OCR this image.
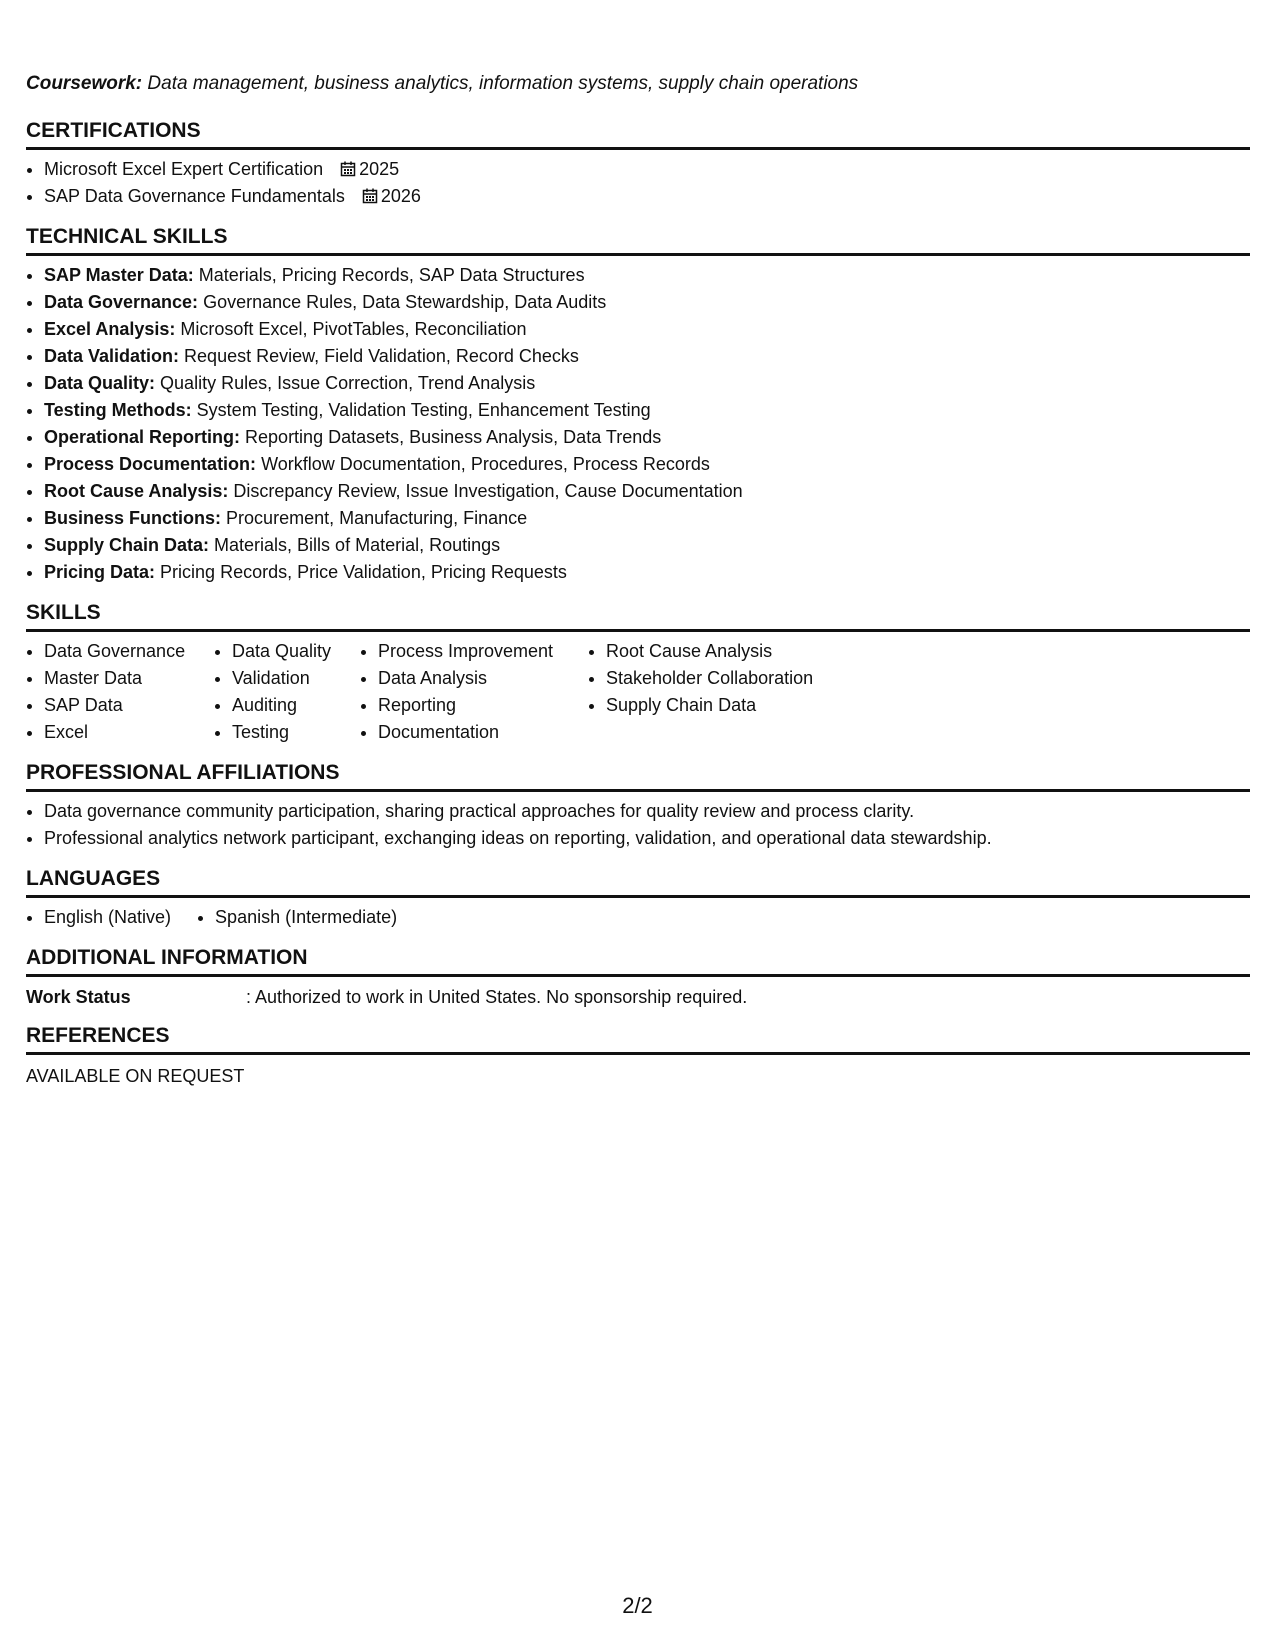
Coursework: Data management, business analytics, information systems, supply chain operations

CERTIFICATIONS
• Microsoft Excel Expert Certification 2025
• SAP Data Governance Fundamentals 2026
TECHNICAL SKILLS
• SAP Master Data: Materials, Pricing Records, SAP Data Structures
• Data Governance: Governance Rules, Data Stewardship, Data Audits
• Excel Analysis: Microsoft Excel, PivotTables, Reconciliation
• Data Validation: Request Review, Field Validation, Record Checks
• Data Quality: Quality Rules, Issue Correction, Trend Analysis
• Testing Methods: System Testing, Validation Testing, Enhancement Testing
• Operational Reporting: Reporting Datasets, Business Analysis, Data Trends
• Process Documentation: Workflow Documentation, Procedures, Process Records
• Root Cause Analysis: Discrepancy Review, Issue Investigation, Cause Documentation
• Business Functions: Procurement, Manufacturing, Finance
• Supply Chain Data: Materials, Bills of Material, Routings
• Pricing Data: Pricing Records, Price Validation, Pricing Requests
SKILLS
• Data Governance
• Master Data
• SAP Data
• Excel
• Data Quality
• Validation
• Auditing
• Testing
• Process Improvement
• Data Analysis
• Reporting
• Documentation
• Root Cause Analysis
• Stakeholder Collaboration
• Supply Chain Data
PROFESSIONAL AFFILIATIONS
• Data governance community participation, sharing practical approaches for quality review and process clarity.
• Professional analytics network participant, exchanging ideas on reporting, validation, and operational data stewardship.
LANGUAGES
• English (Native)
• Spanish (Intermediate)
ADDITIONAL INFORMATION
Work Status	: Authorized to work in United States. No sponsorship required.
REFERENCES
AVAILABLE ON REQUEST
2/2
